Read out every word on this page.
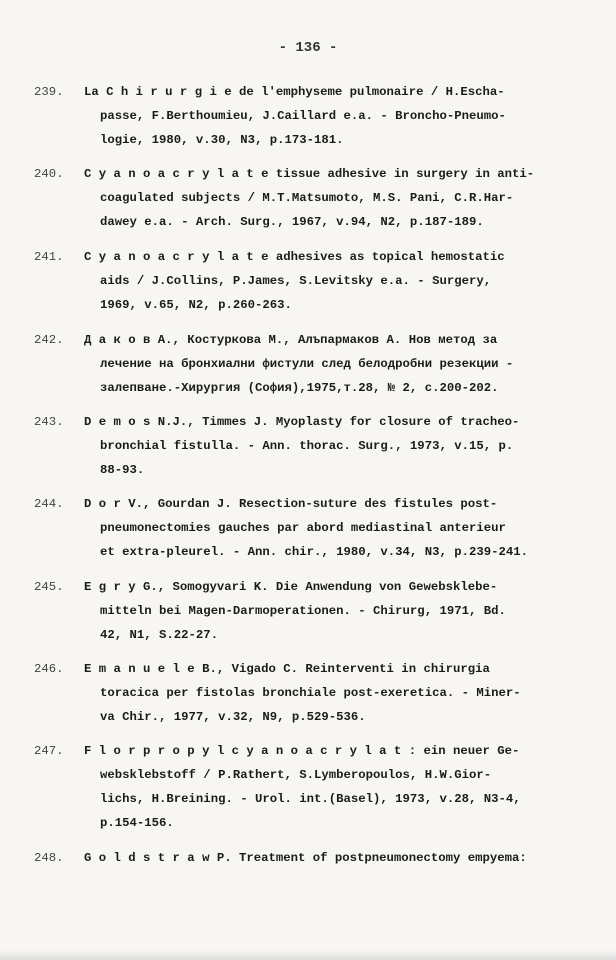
- 136 -
239. La C h i r u r g i e de l'emphyseme pulmonaire / H.Escha-
passe, F.Berthoumieu, J.Caillard e.a. - Broncho-Pneumo-
logie, 1980, v.30, N3, p.173-181.
240. C y a n o a c r y l a t e tissue adhesive in surgery in anti-
coagulated subjects / M.T.Matsumoto, M.S. Pani, C.R.Har-
dawey e.a. - Arch. Surg., 1967, v.94, N2, p.187-189.
241. C y a n o a c r y l a t e adhesives as topical hemostatic
aids / J.Collins, P.James, S.Levitsky e.a. - Surgery,
1969, v.65, N2, p.260-263.
242. Д а к о в А., Костуркова М., Алъпармаков А. Нов метод за
лечение на бронхиални фистули след белодробни резекции -
залепване.-Хирургия (София),1975,т.28, № 2, с.200-202.
243. D e m o s N.J., Timmes J. Myoplasty for closure of tracheo-
bronchial fistulla. - Ann. thorac. Surg., 1973, v.15, p.
88-93.
244. D o r V., Gourdan J. Resection-suture des fistules post-
pneumonectomies gauches par abord mediastinal anterieur
et extra-pleurel. - Ann. chir., 1980, v.34, N3, p.239-241.
245. E g r y G., Somogyvari K. Die Anwendung von Gewebsklebe-
mitteln bei Magen-Darmoperationen. - Chirurg, 1971, Bd.
42, N1, S.22-27.
246. E m a n u e l e B., Vigado C. Reinterventi in chirurgia
toracica per fistolas bronchiale post-exeretica. - Miner-
va Chir., 1977, v.32, N9, p.529-536.
247. F l o r p r o p y l c y a n o a c r y l a t : ein neuer Ge-
websklebstoff / P.Rathert, S.Lymberopoulos, H.W.Gior-
lichs, H.Breining. - Urol. int.(Basel), 1973, v.28, N3-4,
p.154-156.
248. G o l d s t r a w P. Treatment of postpneumonectomy empyema:
